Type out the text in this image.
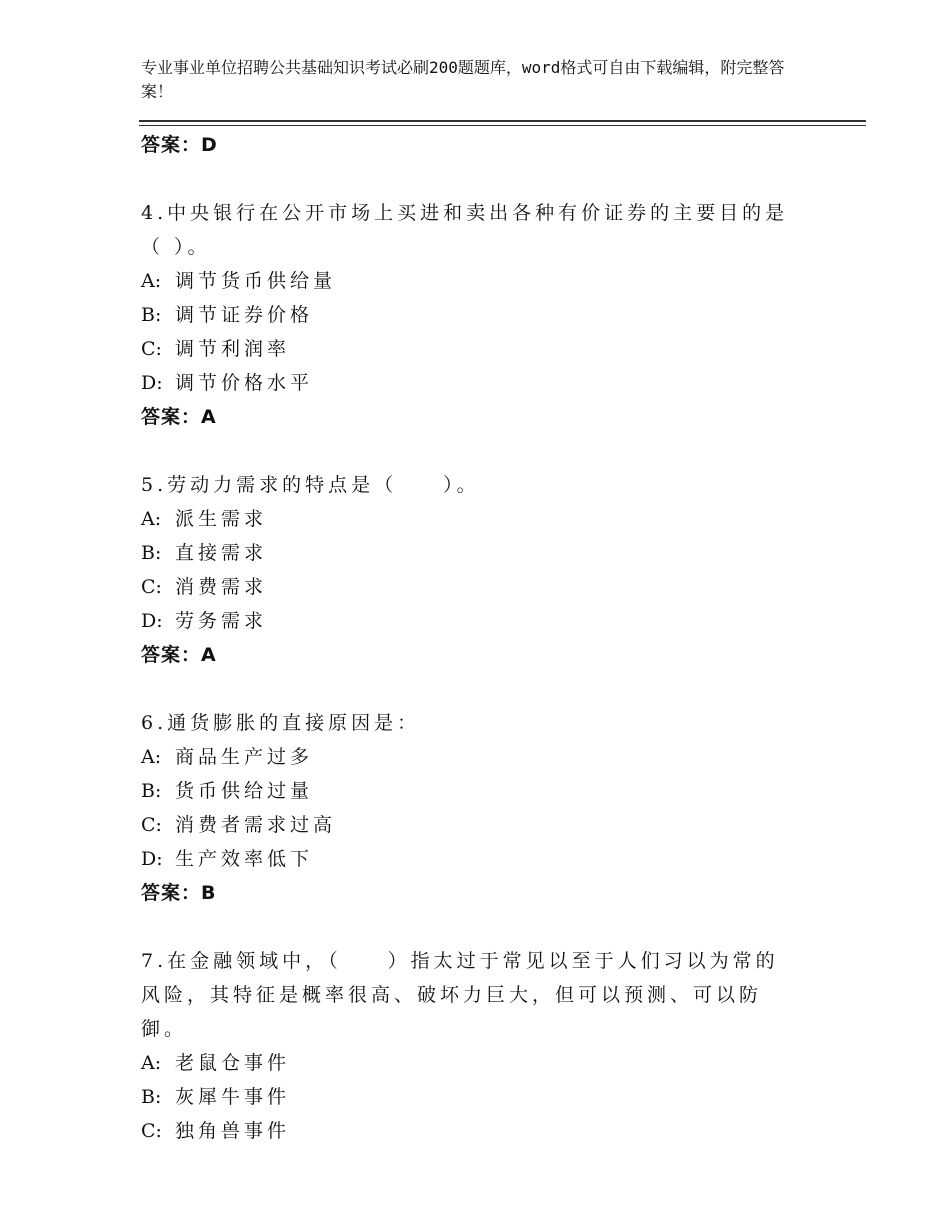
专业事业单位招聘公共基础知识考试必刷200题题库，word格式可自由下载编辑，附完整答案！

答案：D

4.中央银行在公开市场上买进和卖出各种有价证券的主要目的是（ ）。

A: 调节货币供给量

B: 调节证券价格

C: 调节利润率

D: 调节价格水平

答案：A

5.劳动力需求的特点是（　　）。

A: 派生需求

B: 直接需求

C: 消费需求

D: 劳务需求

答案：A

6.通货膨胀的直接原因是：

A: 商品生产过多

B: 货币供给过量

C: 消费者需求过高

D: 生产效率低下

答案：B

7.在金融领域中，（　　）指太过于常见以至于人们习以为常的风险，其特征是概率很高、破坏力巨大，但可以预测、可以防御。

A: 老鼠仓事件

B: 灰犀牛事件

C: 独角兽事件
